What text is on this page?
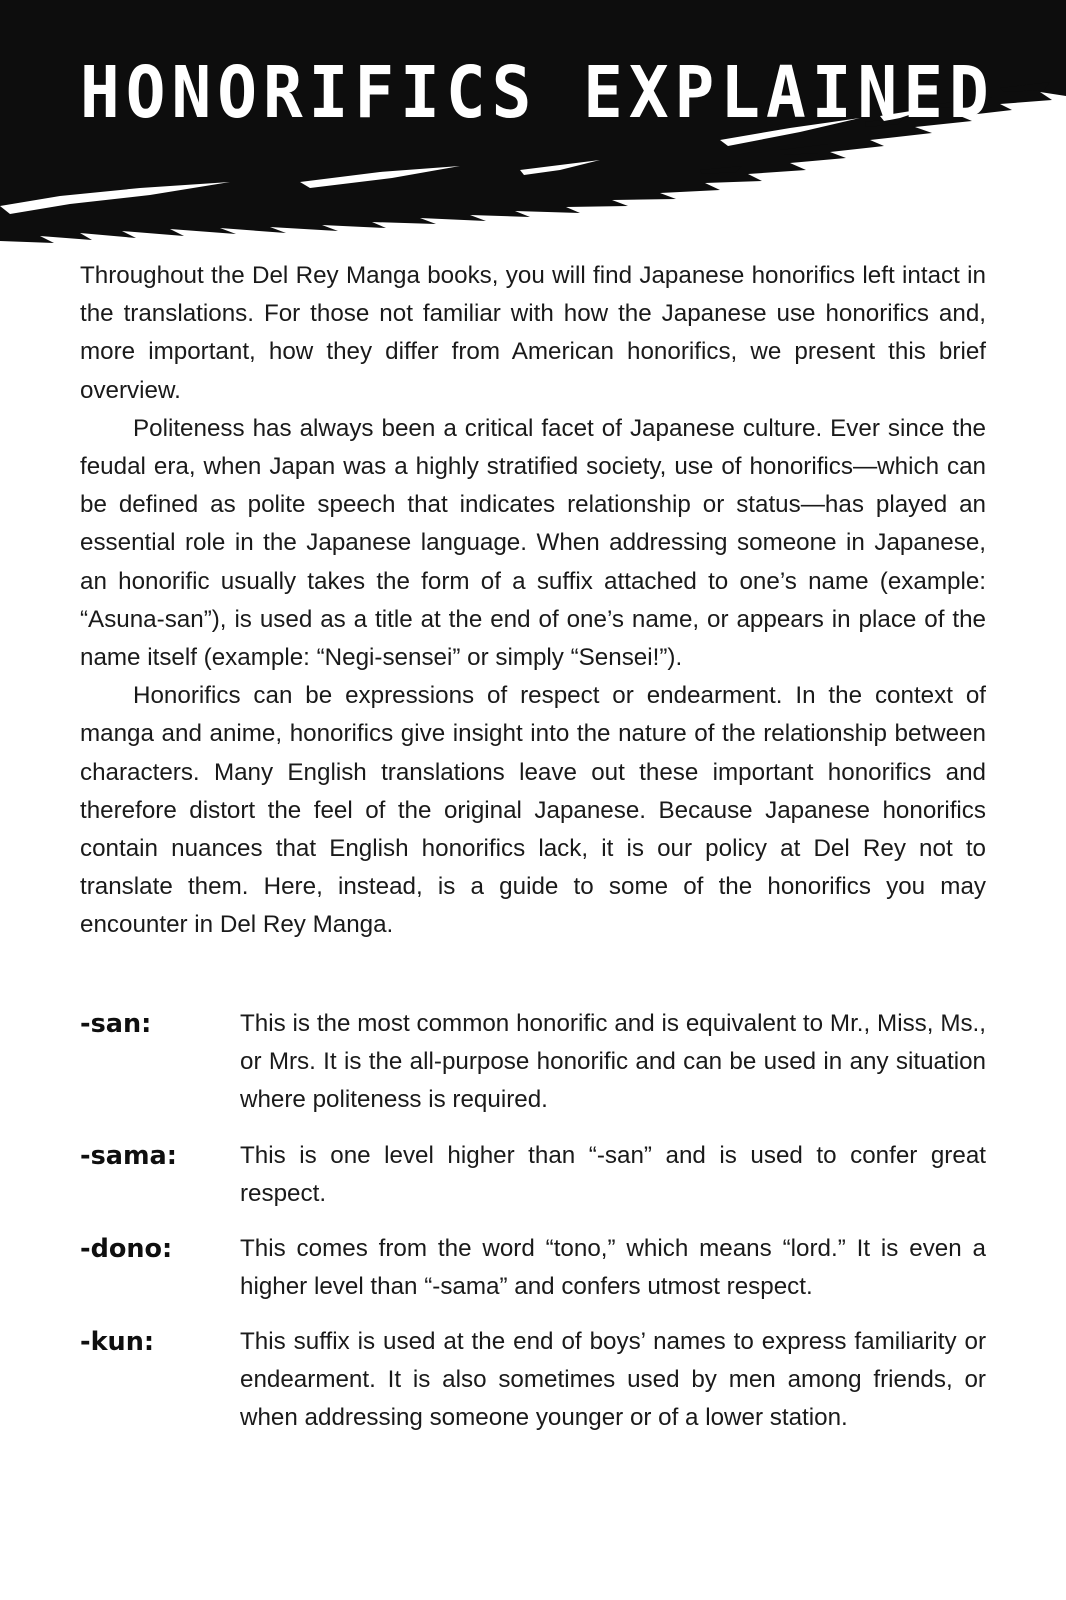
HONORIFICS EXPLAINED

Throughout the Del Rey Manga books, you will find Japanese honorifics left intact in the translations. For those not familiar with how the Japanese use honorifics and, more important, how they differ from American honorifics, we present this brief overview.

Politeness has always been a critical facet of Japanese culture. Ever since the feudal era, when Japan was a highly stratified society, use of honorifics—which can be defined as polite speech that indicates relationship or status—has played an essential role in the Japanese language. When addressing someone in Japanese, an honorific usually takes the form of a suffix attached to one’s name (example: “Asuna-san”), is used as a title at the end of one’s name, or appears in place of the name itself (example: “Negi-sensei” or simply “Sensei!”).

Honorifics can be expressions of respect or endearment. In the context of manga and anime, honorifics give insight into the nature of the relationship between characters. Many English translations leave out these important honorifics and therefore distort the feel of the original Japanese. Because Japanese honorifics contain nuances that English honorifics lack, it is our policy at Del Rey not to translate them. Here, instead, is a guide to some of the honorifics you may encounter in Del Rey Manga.

-san:	This is the most common honorific and is equivalent to Mr., Miss, Ms., or Mrs. It is the all-purpose honorific and can be used in any situation where politeness is required.

-sama:	This is one level higher than “-san” and is used to confer great respect.

-dono:	This comes from the word “tono,” which means “lord.” It is even a higher level than “-sama” and confers utmost respect.

-kun:	This suffix is used at the end of boys’ names to express familiarity or endearment. It is also sometimes used by men among friends, or when addressing someone younger or of a lower station.
